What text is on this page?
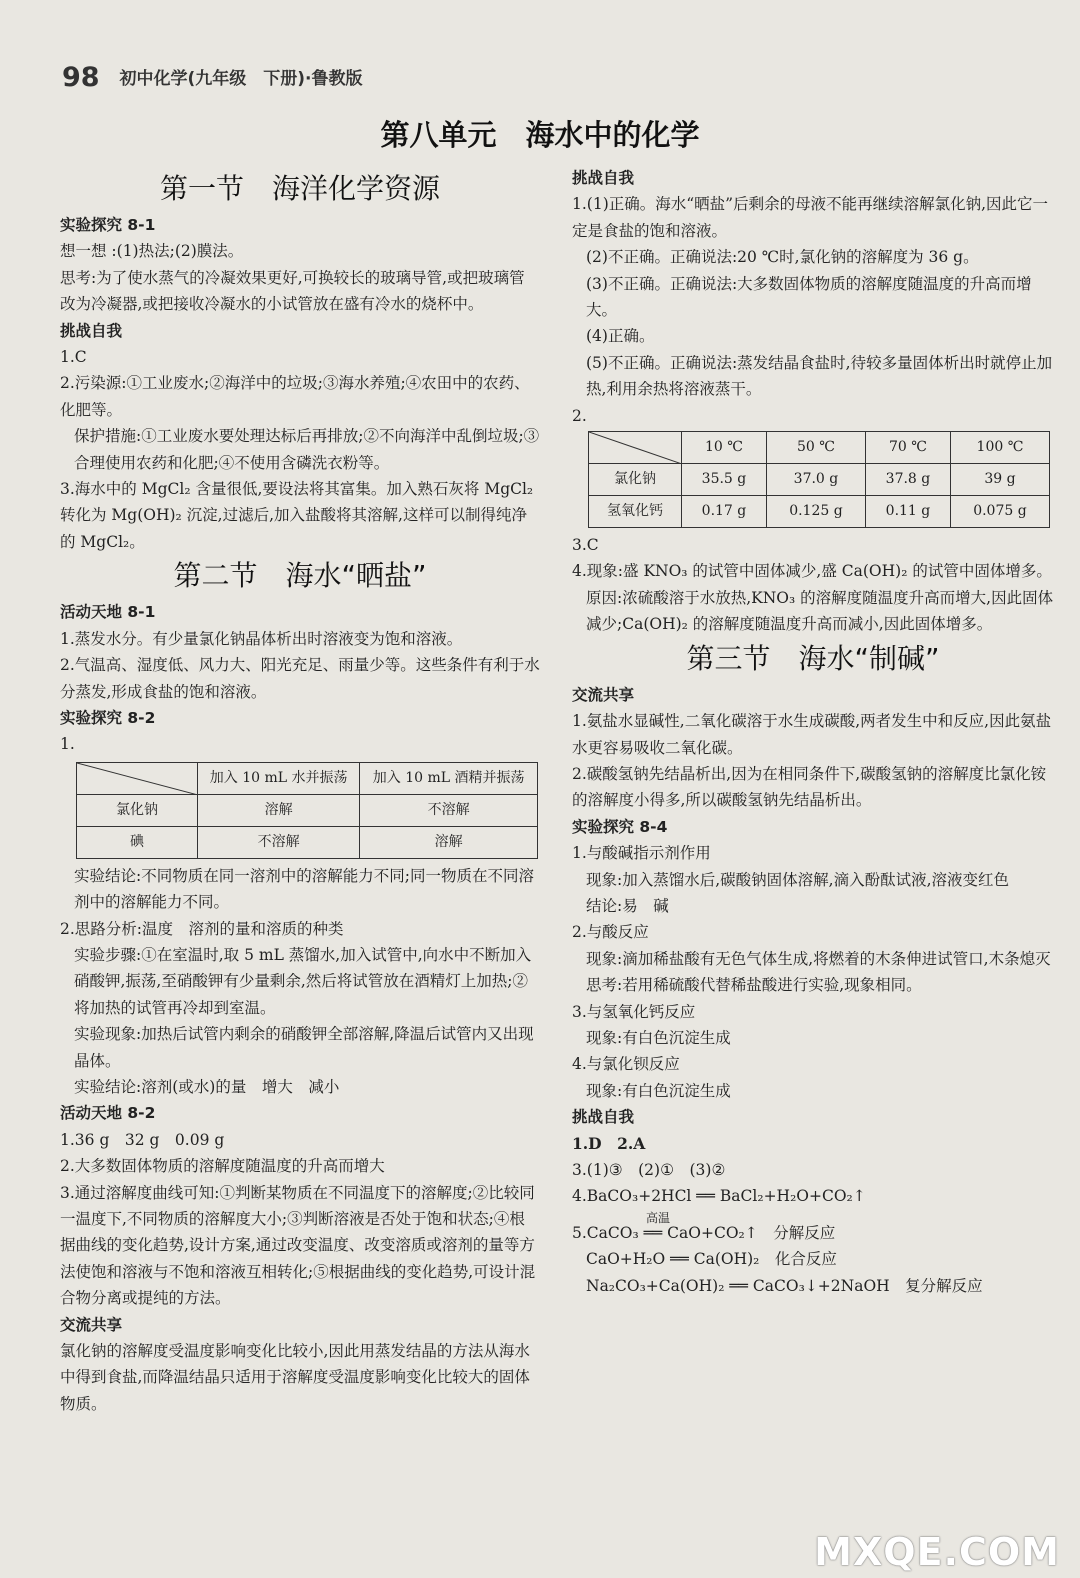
98 初中化学(九年级　下册)·鲁教版
第八单元　海水中的化学
第一节　海洋化学资源
实验探究 8-1
想一想 :(1)热法;(2)膜法。
思考:为了使水蒸气的冷凝效果更好,可换较长的玻璃导管,或把玻璃管改为冷凝器,或把接收冷凝水的小试管放在盛有冷水的烧杯中。
挑战自我
1.C
2.污染源:①工业废水;②海洋中的垃圾;③海水养殖;④农田中的农药、化肥等。
保护措施:①工业废水要处理达标后再排放;②不向海洋中乱倒垃圾;③合理使用农药和化肥;④不使用含磷洗衣粉等。
3.海水中的 MgCl₂ 含量很低,要设法将其富集。加入熟石灰将 MgCl₂ 转化为 Mg(OH)₂ 沉淀,过滤后,加入盐酸将其溶解,这样可以制得纯净的 MgCl₂。
第二节　海水“晒盐”
活动天地 8-1
1.蒸发水分。有少量氯化钠晶体析出时溶液变为饱和溶液。
2.气温高、湿度低、风力大、阳光充足、雨量少等。这些条件有利于水分蒸发,形成食盐的饱和溶液。
实验探究 8-2
1.
	加入 10 mL 水并振荡	加入 10 mL 酒精并振荡
氯化钠	溶解	不溶解
碘	不溶解	溶解
实验结论:不同物质在同一溶剂中的溶解能力不同;同一物质在不同溶剂中的溶解能力不同。
2.思路分析:温度　溶剂的量和溶质的种类
实验步骤:①在室温时,取 5 mL 蒸馏水,加入试管中,向水中不断加入硝酸钾,振荡,至硝酸钾有少量剩余,然后将试管放在酒精灯上加热;②将加热的试管再冷却到室温。
实验现象:加热后试管内剩余的硝酸钾全部溶解,降温后试管内又出现晶体。
实验结论:溶剂(或水)的量　增大　减小
活动天地 8-2
1.36 g　32 g　0.09 g
2.大多数固体物质的溶解度随温度的升高而增大
3.通过溶解度曲线可知:①判断某物质在不同温度下的溶解度;②比较同一温度下,不同物质的溶解度大小;③判断溶液是否处于饱和状态;④根据曲线的变化趋势,设计方案,通过改变温度、改变溶质或溶剂的量等方法使饱和溶液与不饱和溶液互相转化;⑤根据曲线的变化趋势,可设计混合物分离或提纯的方法。
交流共享
氯化钠的溶解度受温度影响变化比较小,因此用蒸发结晶的方法从海水中得到食盐,而降温结晶只适用于溶解度受温度影响变化比较大的固体物质。
挑战自我
1.(1)正确。海水“晒盐”后剩余的母液不能再继续溶解氯化钠,因此它一定是食盐的饱和溶液。
(2)不正确。正确说法:20 ℃时,氯化钠的溶解度为 36 g。
(3)不正确。正确说法:大多数固体物质的溶解度随温度的升高而增大。
(4)正确。
(5)不正确。正确说法:蒸发结晶食盐时,待较多量固体析出时就停止加热,利用余热将溶液蒸干。
2.
	10 ℃	50 ℃	70 ℃	100 ℃
氯化钠	35.5 g	37.0 g	37.8 g	39 g
氢氧化钙	0.17 g	0.125 g	0.11 g	0.075 g
3.C
4.现象:盛 KNO₃ 的试管中固体减少,盛 Ca(OH)₂ 的试管中固体增多。
原因:浓硫酸溶于水放热,KNO₃ 的溶解度随温度升高而增大,因此固体减少;Ca(OH)₂ 的溶解度随温度升高而减小,因此固体增多。
第三节　海水“制碱”
交流共享
1.氨盐水显碱性,二氧化碳溶于水生成碳酸,两者发生中和反应,因此氨盐水更容易吸收二氧化碳。
2.碳酸氢钠先结晶析出,因为在相同条件下,碳酸氢钠的溶解度比氯化铵的溶解度小得多,所以碳酸氢钠先结晶析出。
实验探究 8-4
1.与酸碱指示剂作用
现象:加入蒸馏水后,碳酸钠固体溶解,滴入酚酞试液,溶液变红色
结论:易　碱
2.与酸反应
现象:滴加稀盐酸有无色气体生成,将燃着的木条伸进试管口,木条熄灭
思考:若用稀硫酸代替稀盐酸进行实验,现象相同。
3.与氢氧化钙反应
现象:有白色沉淀生成
4.与氯化钡反应
现象:有白色沉淀生成
挑战自我
1.D　2.A
3.(1)③　(2)①　(3)②
4.BaCO₃+2HCl ══ BaCl₂+H₂O+CO₂↑
高温
5.CaCO₃ ══ CaO+CO₂↑　分解反应
CaO+H₂O ══ Ca(OH)₂　化合反应
Na₂CO₃+Ca(OH)₂ ══ CaCO₃↓+2NaOH　复分解反应
MXQE.COM
